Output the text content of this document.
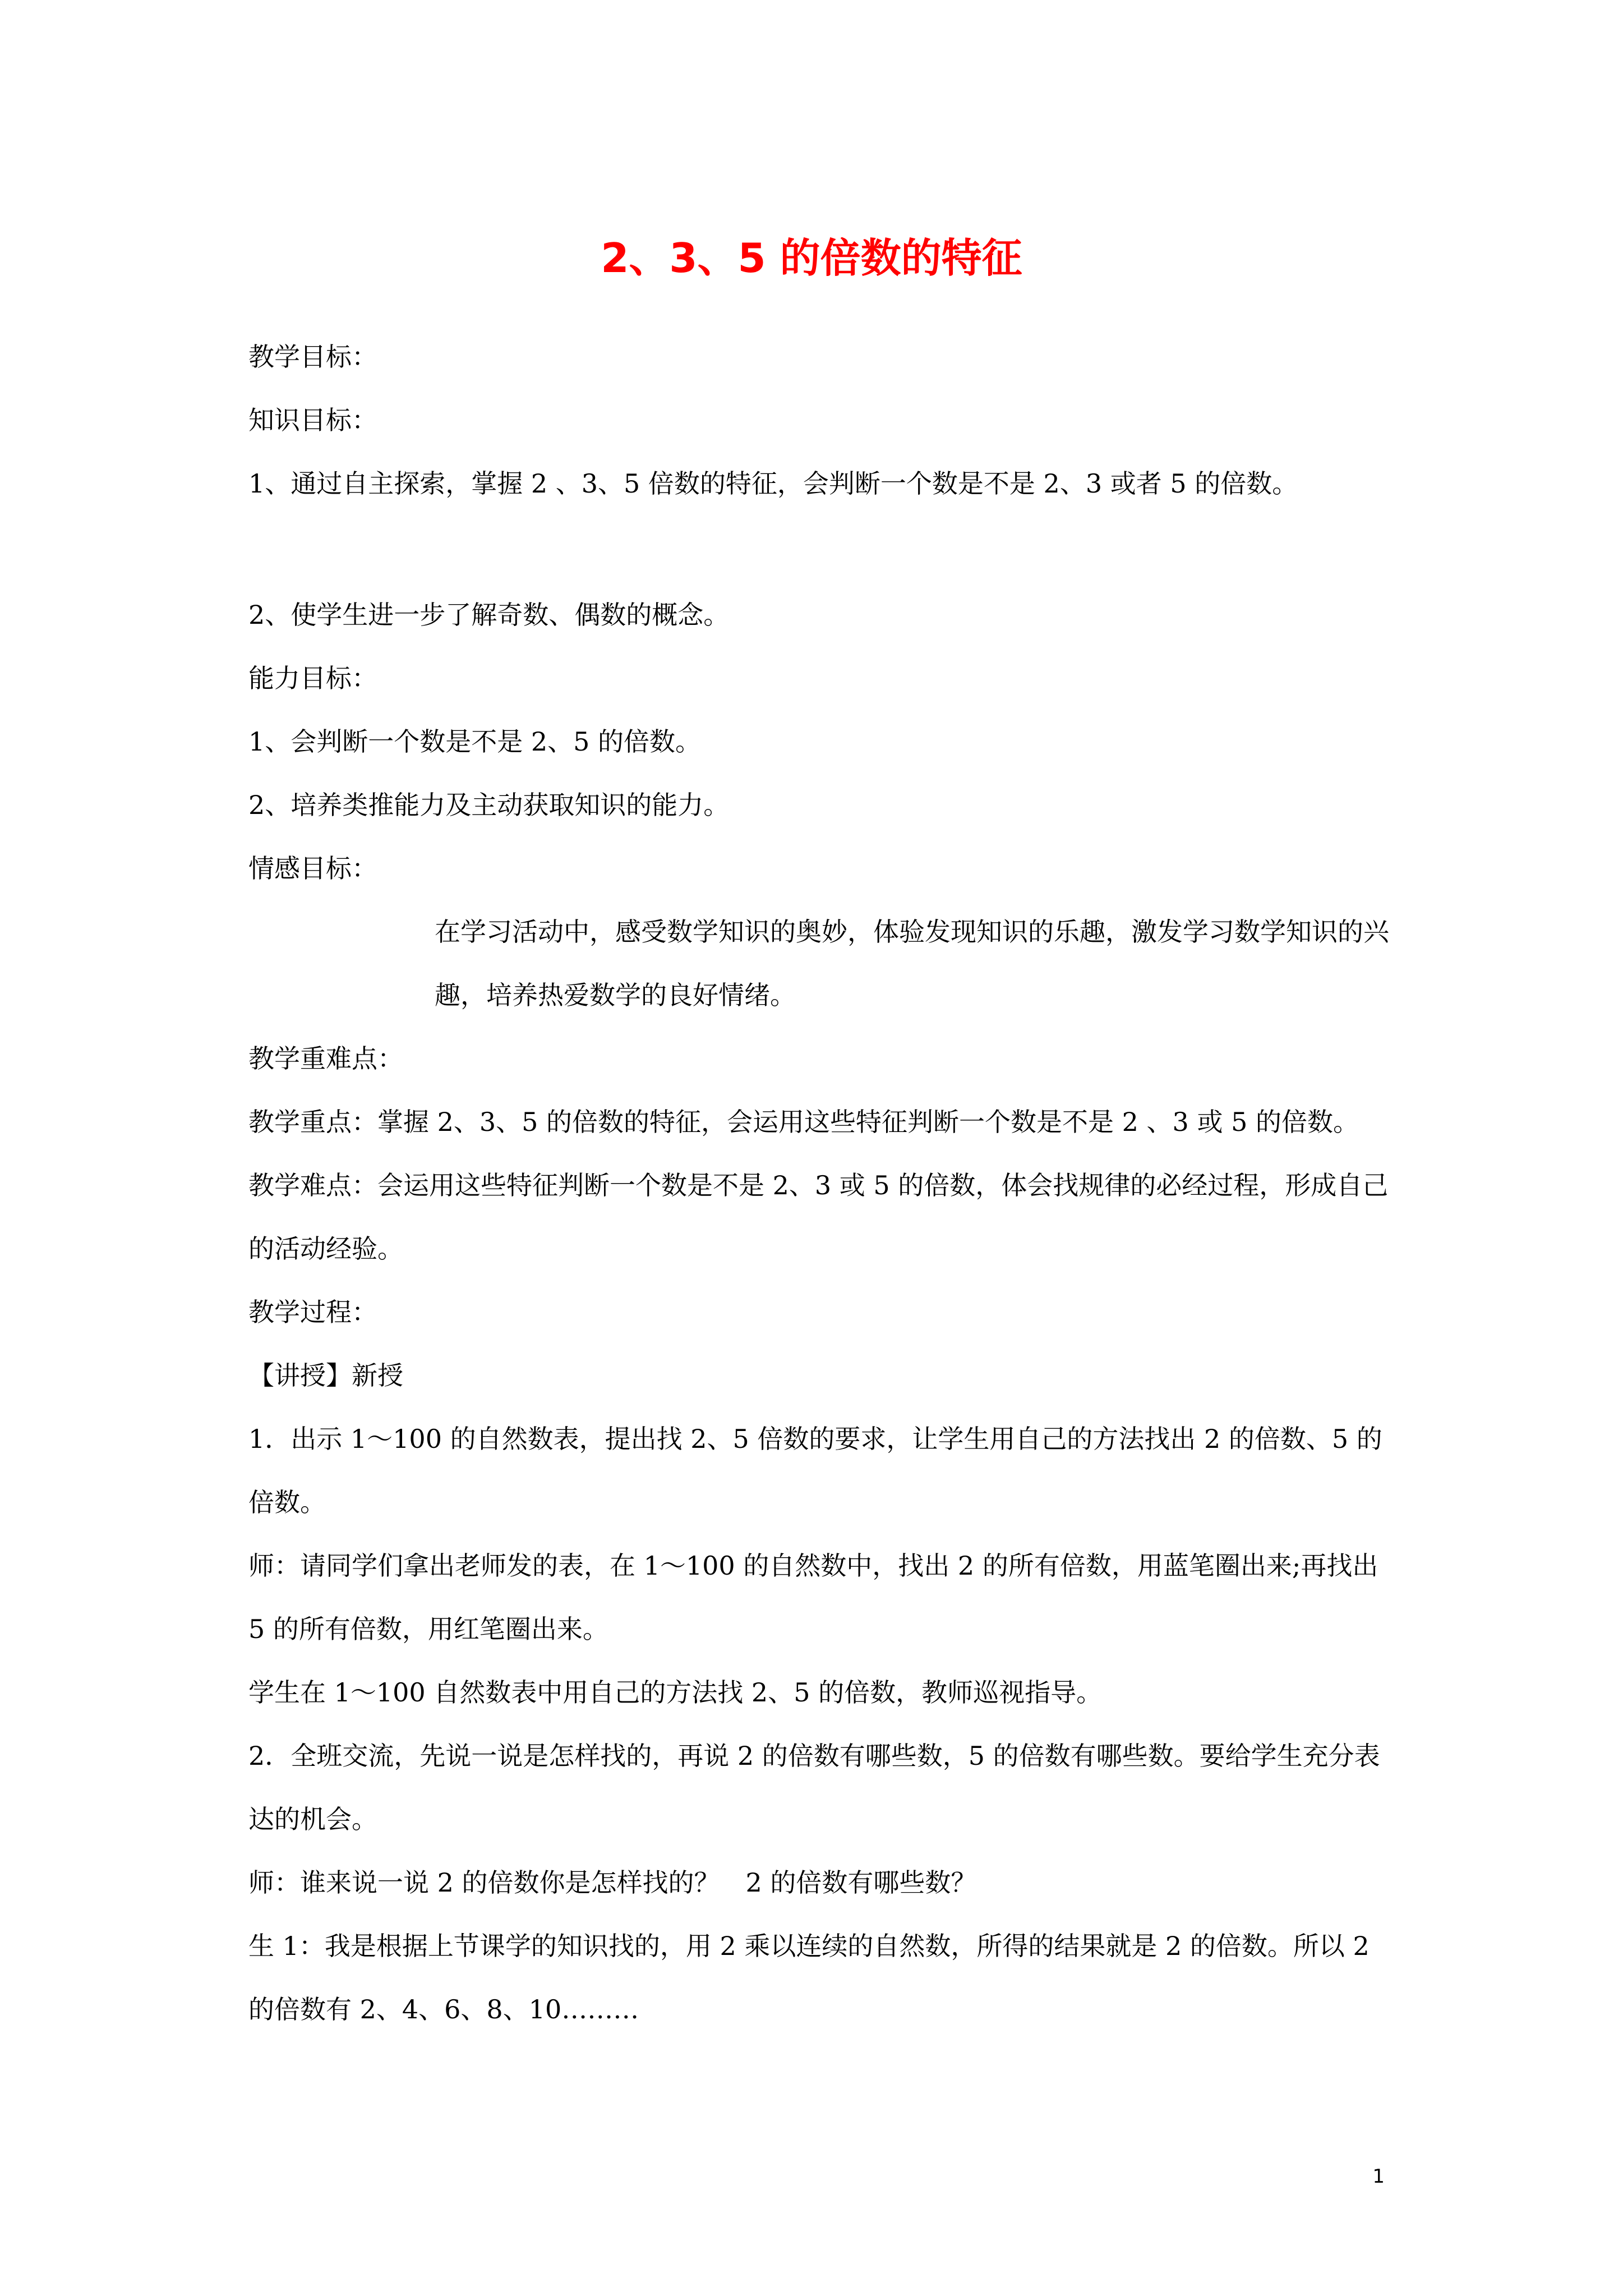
2、3、5 的倍数的特征
教学目标：
知识目标：
1、通过自主探索，掌握 2 、3、5 倍数的特征，会判断一个数是不是 2、3 或者 5 的倍数。
2、使学生进一步了解奇数、偶数的概念。
能力目标：
1、会判断一个数是不是 2、5 的倍数。
2、培养类推能力及主动获取知识的能力。
情感目标：
在学习活动中，感受数学知识的奥妙，体验发现知识的乐趣，激发学习数学知识的兴趣，培养热爱数学的良好情绪。
教学重难点：
教学重点：掌握 2、3、5 的倍数的特征，会运用这些特征判断一个数是不是 2 、3 或 5 的倍数。
教学难点：会运用这些特征判断一个数是不是 2、3 或 5 的倍数，体会找规律的必经过程，形成自己的活动经验。
教学过程：
【讲授】新授
1．出示 1～100 的自然数表，提出找 2、5 倍数的要求，让学生用自己的方法找出 2 的倍数、5 的倍数。
师：请同学们拿出老师发的表，在 1～100 的自然数中，找出 2 的所有倍数，用蓝笔圈出来;再找出 5 的所有倍数，用红笔圈出来。
学生在 1～100 自然数表中用自己的方法找 2、5 的倍数，教师巡视指导。
2．全班交流，先说一说是怎样找的，再说 2 的倍数有哪些数，5 的倍数有哪些数。要给学生充分表达的机会。
师：谁来说一说 2 的倍数你是怎样找的？　2 的倍数有哪些数？
生 1：我是根据上节课学的知识找的，用 2 乘以连续的自然数，所得的结果就是 2 的倍数。所以 2 的倍数有 2、4、6、8、10………
1
